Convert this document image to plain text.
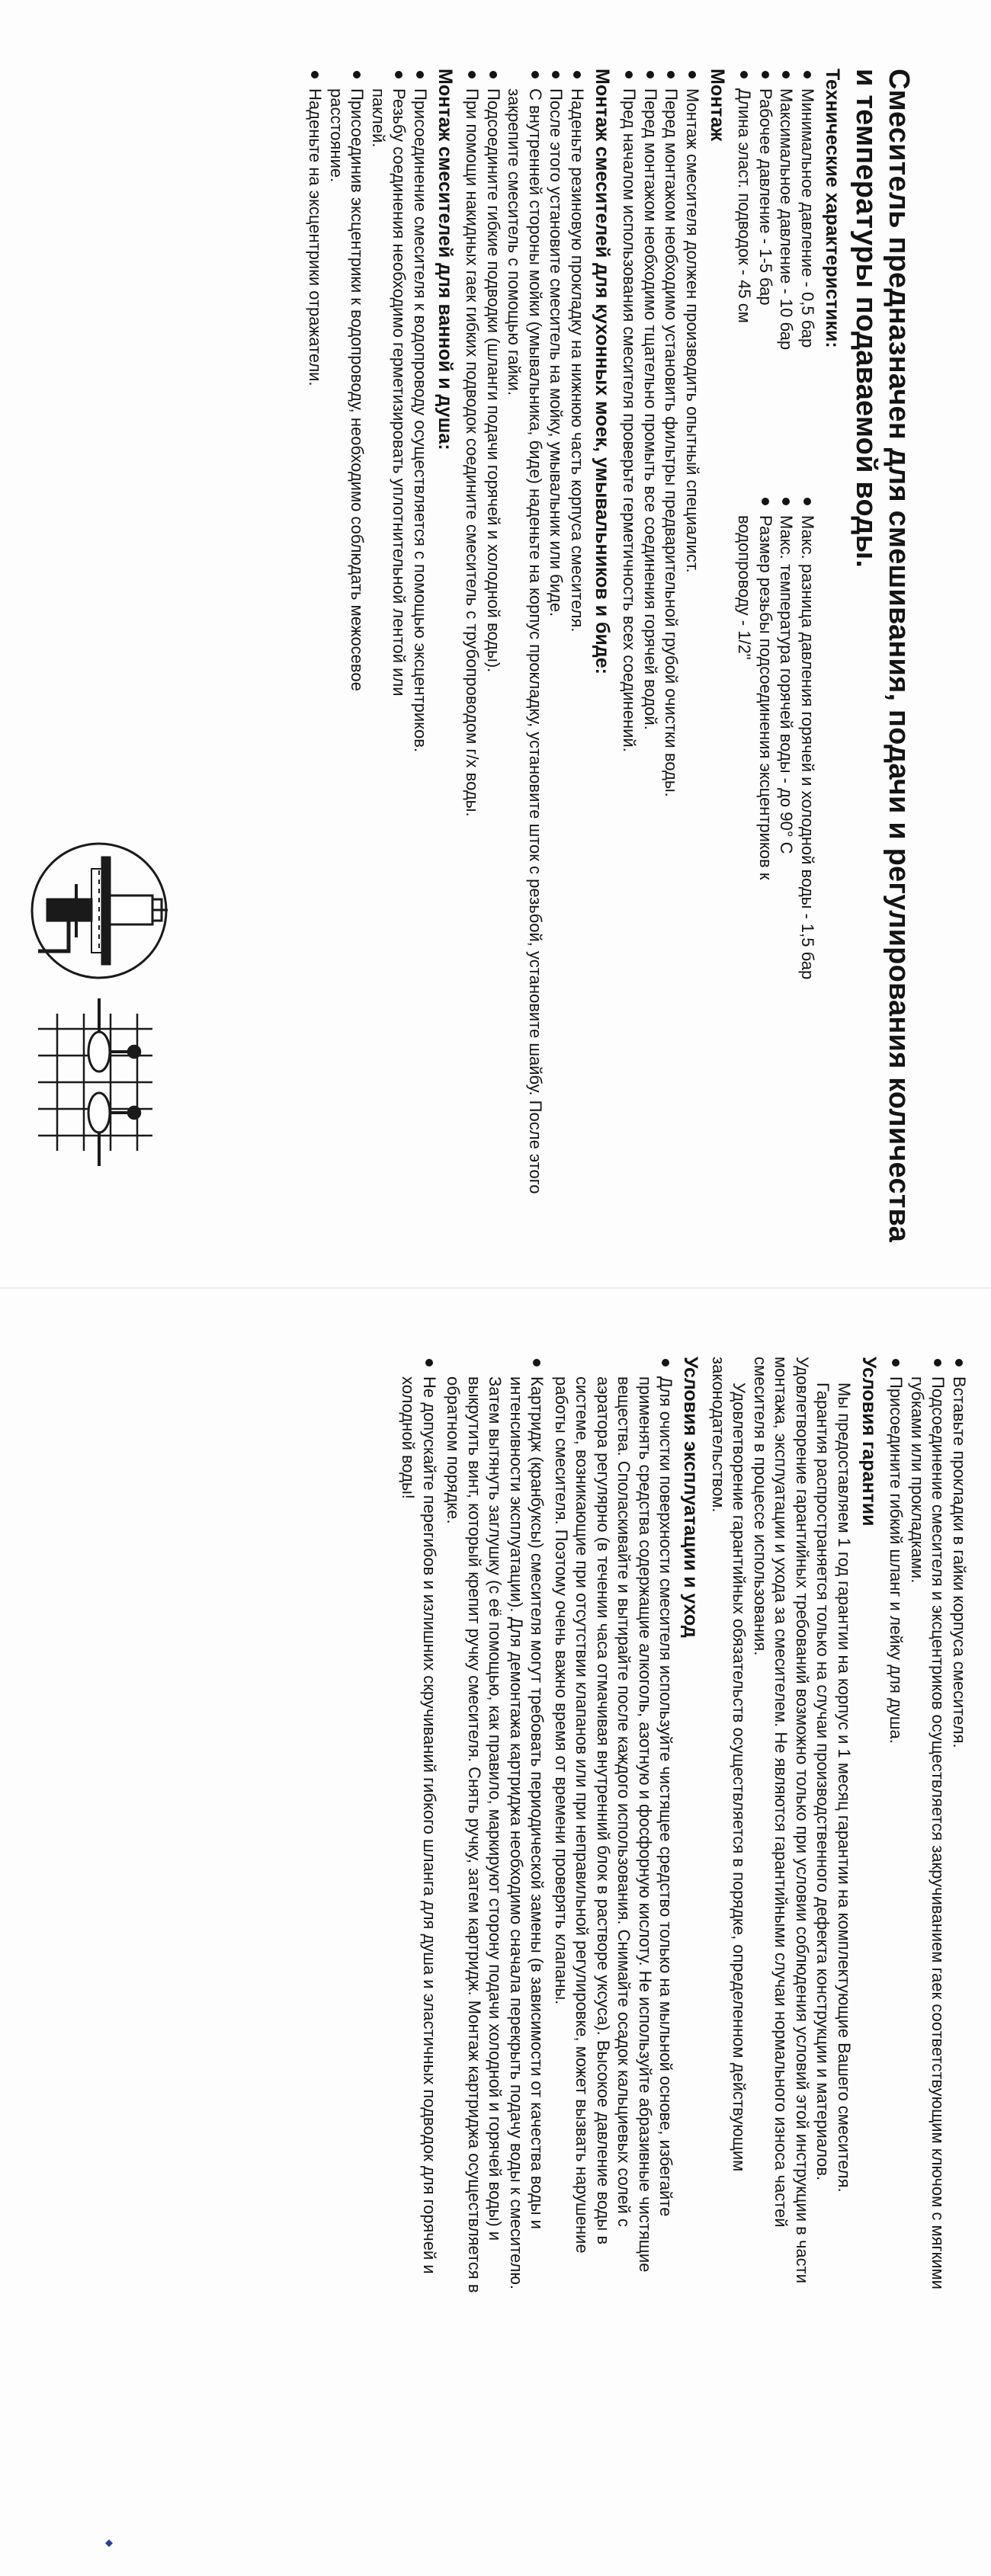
Смеситель предназначен для смешивания, подачи и регулирования количества и температуры подаваемой воды.
Технические характеристики:
Минимальное давление - 0,5 бар
Максимальное давление - 10 бар
Рабочее давление - 1-5 бар
Длина эласт. подводок - 45 см
Макс. разница давления горячей и холодной воды - 1,5 бар
Макс. температура горячей воды - до 90° С
Размер резьбы подсоединения эксцентриков к водопроводу - 1/2"
Монтаж
Монтаж смесителя должен производить опытный специалист.
Перед монтажом необходимо установить фильтры предварительной грубой очистки воды.
Перед монтажом необходимо тщательно промыть все соединения горячей водой.
Пред началом использования смесителя проверьте герметичность всех соединений.
Монтаж смесителей для кухонных моек, умывальников и биде:
Наденьте резиновую прокладку на нижнюю часть корпуса смесителя.
После этого установите смеситель на мойку, умывальник или биде.
С внутренней стороны мойки (умывальника, биде) наденьте на корпус прокладку, установите шток с резьбой, установите шайбу. После этого закрепите смеситель с помощью гайки.
Подсоедините гибкие подводки (шланги подачи горячей и холодной воды).
При помощи накидных гаек гибких подводок соедините смеситель с трубопроводом г/х воды.
Монтаж смесителей для ванной и душа:
Присоединение смесителя к водопроводу осуществляется с помощью эксцентриков.
Резьбу соединения необходимо герметизировать уплотнительной лентой или паклей.
Присоединив эксцентрики к водопроводу, необходимо соблюдать межосевое расстояние.
Наденьте на эксцентрики отражатели.
Вставьте прокладки в гайки корпуса смесителя.
Подсоединение смесителя и эксцентриков осуществляется закручиванием гаек соответствующим ключом с мягкими губками или прокладками.
Присоедините гибкий шланг и лейку для душа.
Условия гарантии

Мы предоставляем 1 год гарантии на корпус и 1 месяц гарантии на комплектующие Вашего смесителя.

Гарантия распространяется только на случаи производственного дефекта конструкции и материалов. Удовлетворение гарантийных требований возможно только при условии соблюдения условий этой инструкции в части монтажа, эксплуатации и ухода за смесителем. Не являются гарантийными случаи нормального износа частей смесителя в процессе использования.

Удовлетворение гарантийных обязательств осуществляется в порядке, определенном действующим законодательством.

Условия эксплуатации и уход
Для очистки поверхности смесителя используйте чистящее средство только на мыльной основе, избегайте применять средства содержащие алкоголь, азотную и фосфорную кислоту. Не используйте абразивные чистящие вещества. Споласкивайте и вытирайте после каждого использования. Снимайте осадок кальциевых солей с аэратора регулярно (в течении часа отмачивая внутренний блок в растворе уксуса). Высокое давление воды в системе, возникающие при отсутствии клапанов или при неправильной регулировке, может вызвать нарушение работы смесителя. Поэтому очень важно время от времени проверять клапаны.
Картридж (кранбуксы) смесителя могут требовать периодической замены (в зависимости от качества воды и интенсивности эксплуатации). Для демонтажа картриджа необходимо сначала перекрыть подачу воды к смесителю. Затем вытянуть заглушку (с её помощью, как правило, маркируют сторону подачи холодной и горячей воды) и выкрутить винт, который крепит ручку смесителя. Снять ручку, затем картридж. Монтаж картриджа осуществляется в обратном порядке.
Не допускайте перегибов и излишних скручиваний гибкого шланга для душа и эластичных подводок для горячей и холодной воды!
